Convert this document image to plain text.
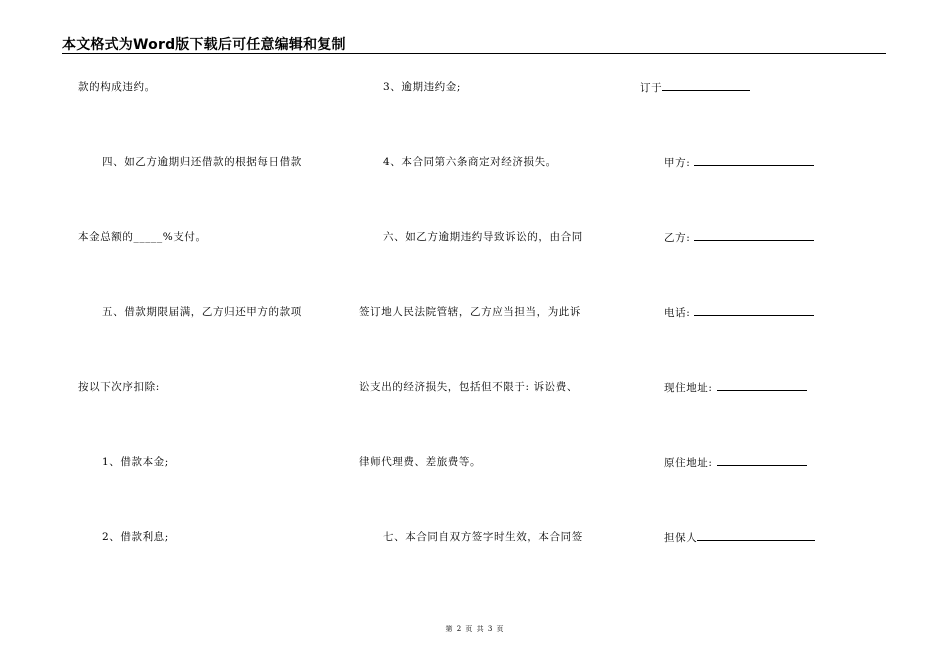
本文格式为Word版下载后可任意编辑和复制
款的构成违约。
四、如乙方逾期归还借款的根据每日借款
本金总额的_____%支付。
五、借款期限届满，乙方归还甲方的款项
按以下次序扣除:
1、借款本金;
2、借款利息;
3、逾期违约金;
4、本合同第六条商定对经济损失。
六、如乙方逾期违约导致诉讼的，由合同
签订地人民法院管辖，乙方应当担当，为此诉
讼支出的经济损失，包括但不限于: 诉讼费、
律师代理费、差旅费等。
七、本合同自双方签字时生效，本合同签
订于
甲方:
乙方:
电话:
现住地址:
原住地址:
担保人
第 2 页 共 3 页
